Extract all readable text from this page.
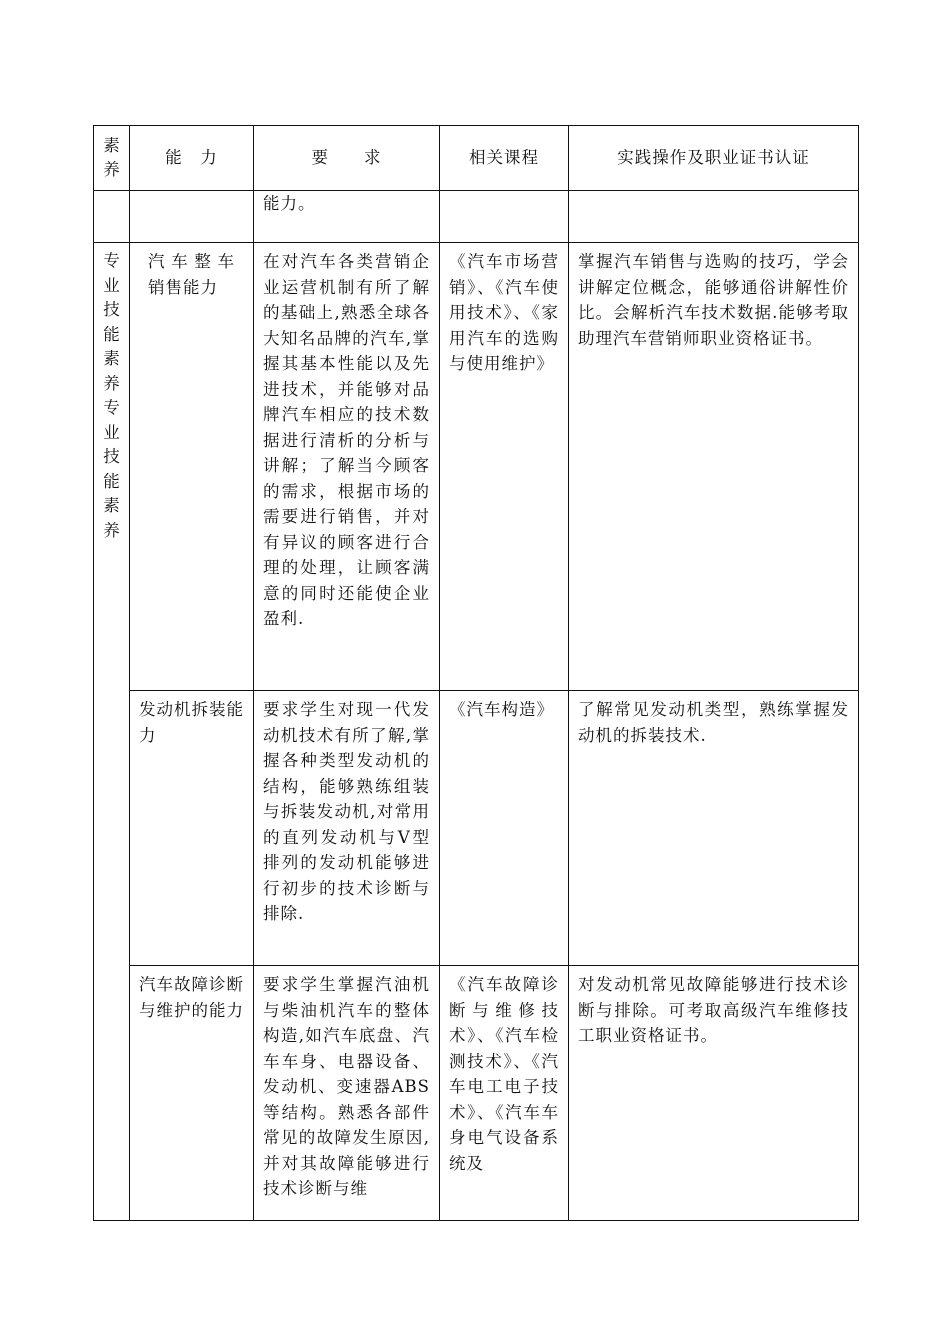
素养	能　力	要　　求	相关课程	实践操作及职业证书认证
		能力。		
专业技能素养专业技能素养	汽车整车销售能力	在对汽车各类营销企业运营机制有所了解的基础上,熟悉全球各大知名品牌的汽车,掌握其基本性能以及先进技术，并能够对品牌汽车相应的技术数据进行清析的分析与讲解；了解当今顾客的需求，根据市场的需要进行销售，并对有异议的顾客进行合理的处理，让顾客满意的同时还能使企业盈利.	《汽车市场营销》、《汽车使用技术》、《家用汽车的选购与使用维护》	掌握汽车销售与选购的技巧，学会讲解定位概念，能够通俗讲解性价比。会解析汽车技术数据.能够考取助理汽车营销师职业资格证书。
	发动机拆装能力	要求学生对现一代发动机技术有所了解,掌握各种类型发动机的结构，能够熟练组装与拆装发动机,对常用的直列发动机与V型排列的发动机能够进行初步的技术诊断与排除.	《汽车构造》	了解常见发动机类型，熟练掌握发动机的拆装技术.
	汽车故障诊断与维护的能力	要求学生掌握汽油机与柴油机汽车的整体构造,如汽车底盘、汽车车身、电器设备、发动机、变速器ABS等结构。熟悉各部件常见的故障发生原因,并对其故障能够进行技术诊断与维	《汽车故障诊断与维修技术》、《汽车检测技术》、《汽车电工电子技术》、《汽车车身电气设备系统及	对发动机常见故障能够进行技术诊断与排除。可考取高级汽车维修技工职业资格证书。
